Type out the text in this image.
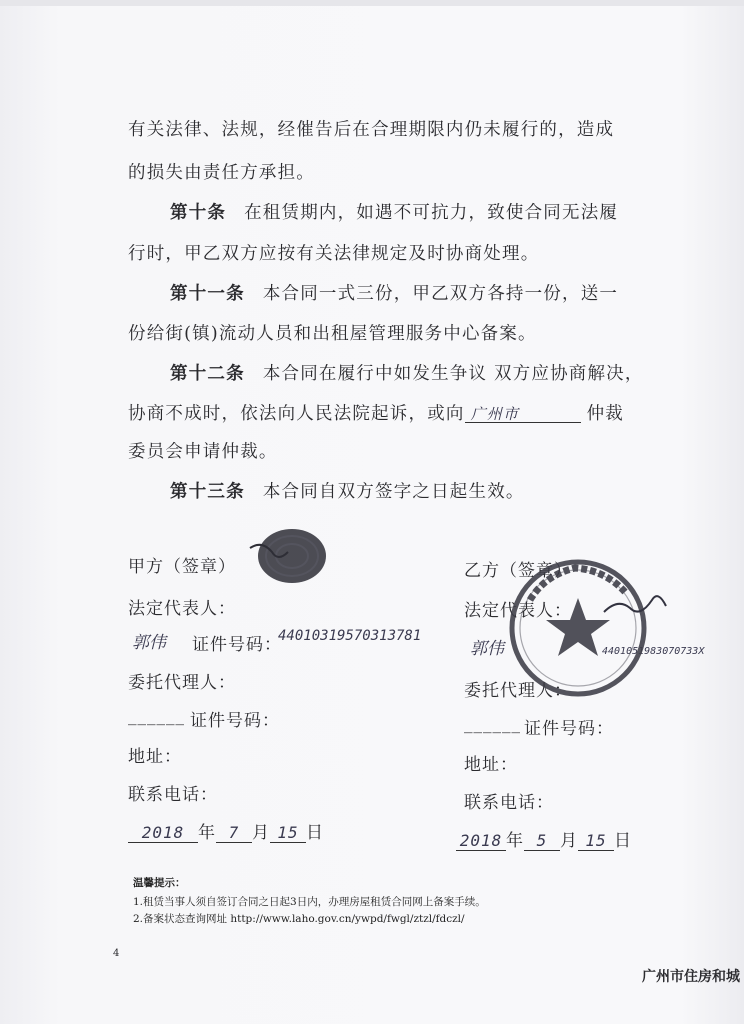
有关法律、法规，经催告后在合理期限内仍未履行的，造成
的损失由责任方承担。
第十条 在租赁期内，如遇不可抗力，致使合同无法履
行时，甲乙双方应按有关法律规定及时协商处理。
第十一条 本合同一式三份，甲乙双方各持一份，送一
份给街(镇)流动人员和出租屋管理服务中心备案。
第十二条 本合同在履行中如发生争议 双方应协商解决，
协商不成时，依法向人民法院起诉，或向 广州市	仲裁
委员会申请仲裁。
第十三条 本合同自双方签字之日起生效。
甲方（签章）
法定代表人：
郭伟 证件号码：
44010319570313781
委托代理人：
______ 证件号码：
地址：
联系电话：
2018 年 7 月 15 日
乙方（签章）
法定代表人：
郭伟	4401051983070733X
委托代理人：
______ 证件号码：
地址：
联系电话：
2018 年 5 月 15 日
温馨提示：
1.租赁当事人须自签订合同之日起3日内，办理房屋租赁合同网上备案手续。
2.备案状态查询网址 http://www.laho.gov.cn/ywpd/fwgl/ztzl/fdczl/
4
广州市住房和城
